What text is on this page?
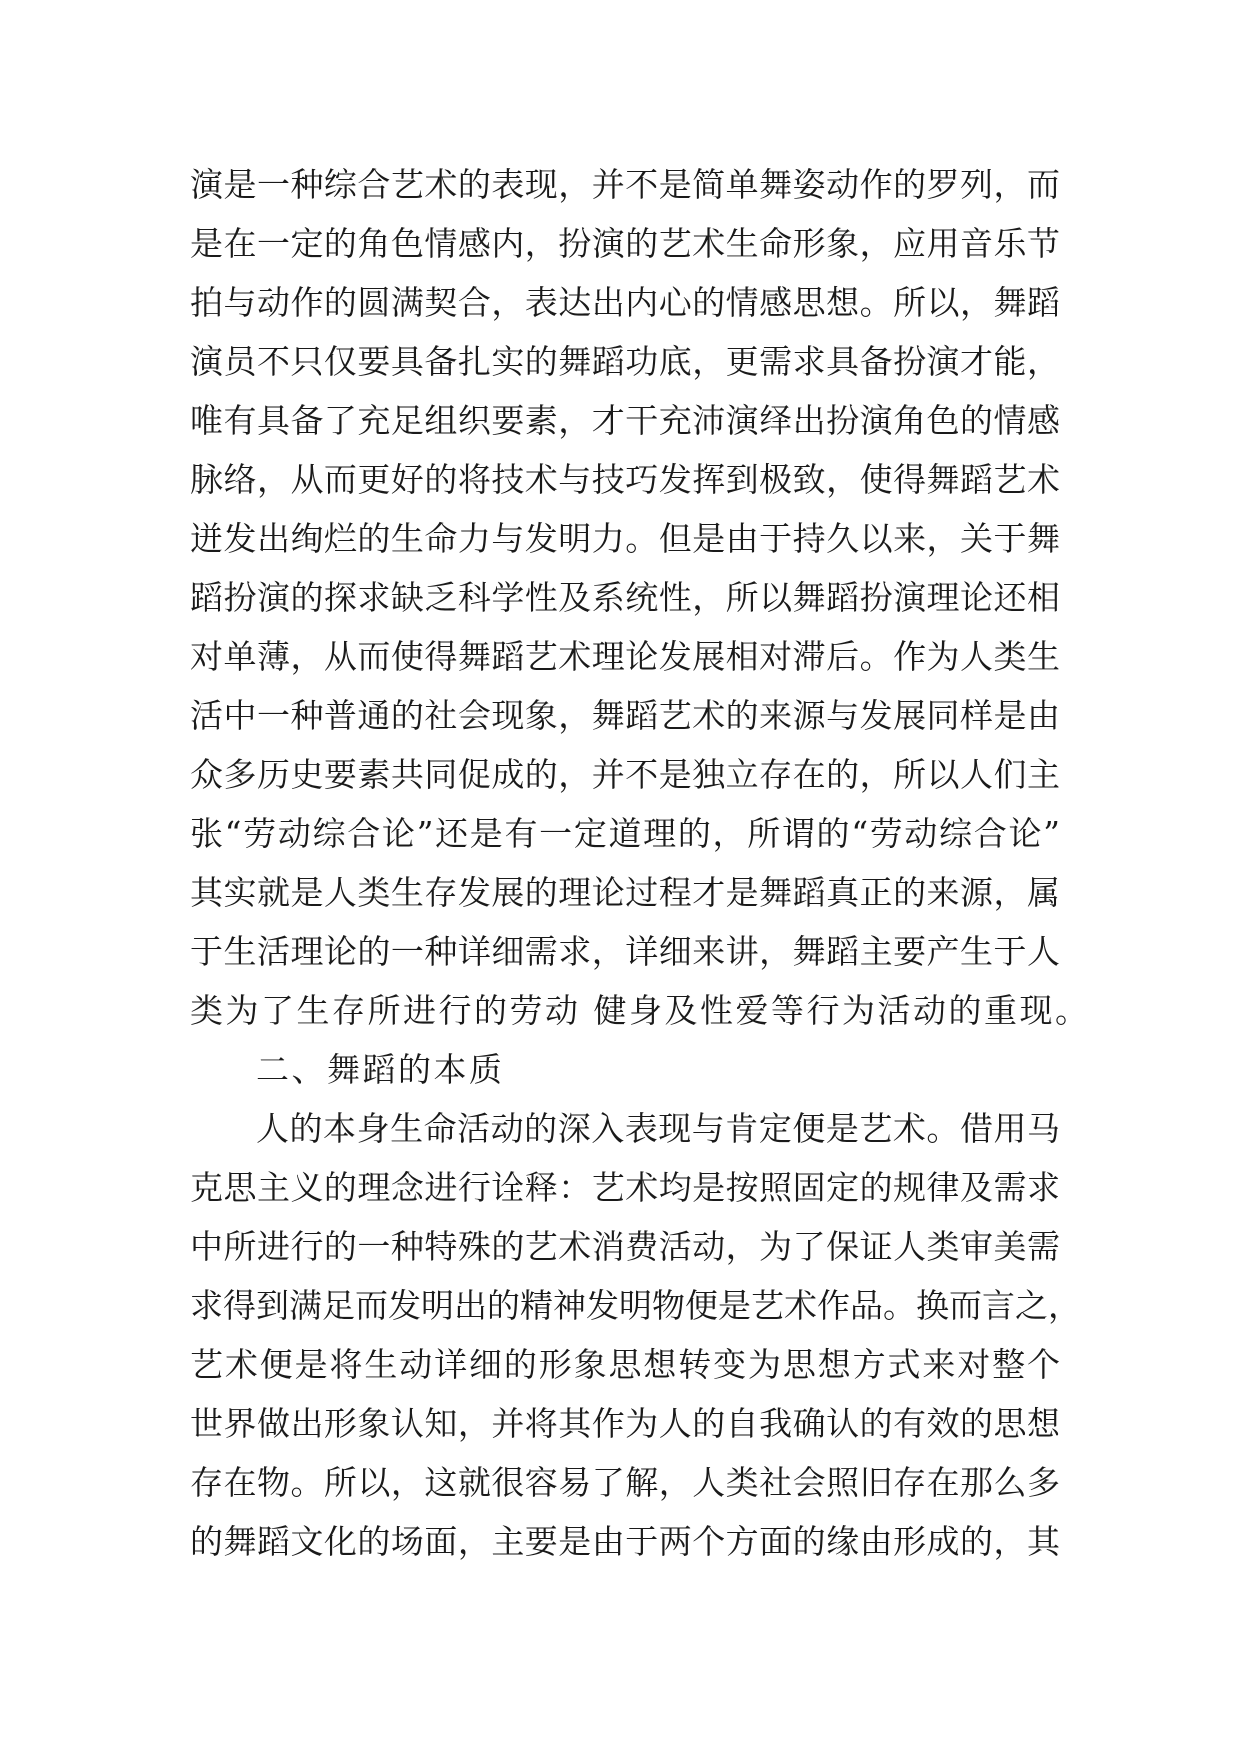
演是一种综合艺术的表现，并不是简单舞姿动作的罗列，而
是在一定的角色情感内，扮演的艺术生命形象，应用音乐节
拍与动作的圆满契合，表达出内心的情感思想。所以，舞蹈
演员不只仅要具备扎实的舞蹈功底，更需求具备扮演才能，
唯有具备了充足组织要素，才干充沛演绎出扮演角色的情感
脉络，从而更好的将技术与技巧发挥到极致，使得舞蹈艺术
迸发出绚烂的生命力与发明力。但是由于持久以来，关于舞
蹈扮演的探求缺乏科学性及系统性，所以舞蹈扮演理论还相
对单薄，从而使得舞蹈艺术理论发展相对滞后。作为人类生
活中一种普通的社会现象，舞蹈艺术的来源与发展同样是由
众多历史要素共同促成的，并不是独立存在的，所以人们主
张“劳动综合论”还是有一定道理的，所谓的“劳动综合论”
其实就是人类生存发展的理论过程才是舞蹈真正的来源，属
于生活理论的一种详细需求，详细来讲，舞蹈主要产生于人
类为了生存所进行的劳动 健身及性爱等行为活动的重现。
二、舞蹈的本质
人的本身生命活动的深入表现与肯定便是艺术。借用马
克思主义的理念进行诠释：艺术均是按照固定的规律及需求
中所进行的一种特殊的艺术消费活动，为了保证人类审美需
求得到满足而发明出的精神发明物便是艺术作品。换而言之，
艺术便是将生动详细的形象思想转变为思想方式来对整个
世界做出形象认知，并将其作为人的自我确认的有效的思想
存在物。所以，这就很容易了解，人类社会照旧存在那么多
的舞蹈文化的场面，主要是由于两个方面的缘由形成的，其
